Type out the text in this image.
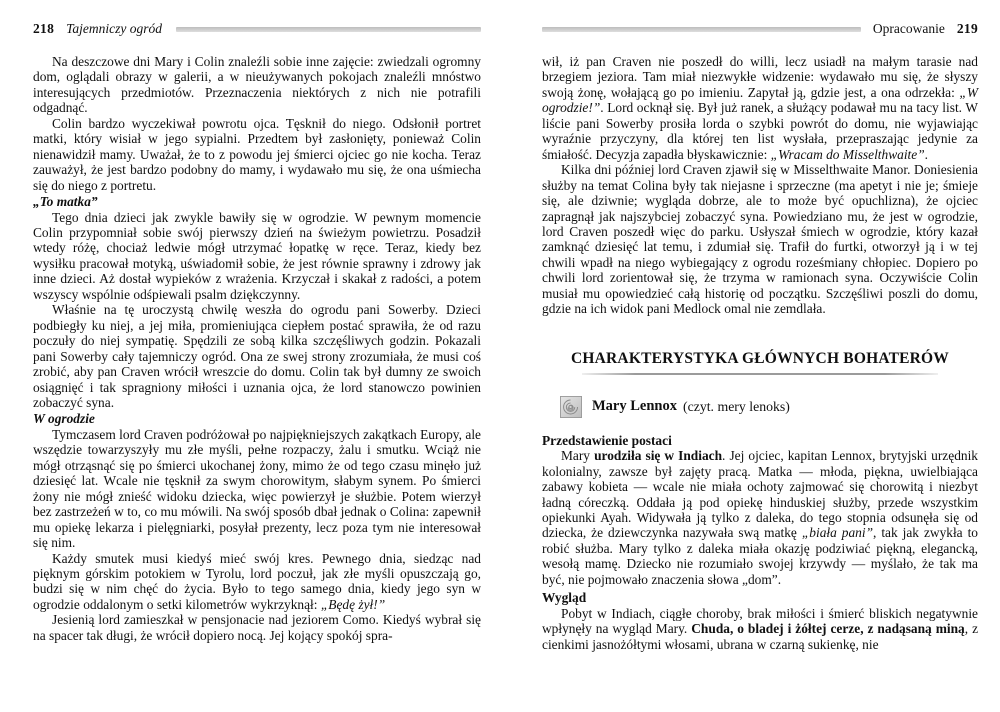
218 Tajemniczy ogród

Na deszczowe dni Mary i Colin znaleźli sobie inne zajęcie: zwiedzali ogromny dom, oglądali obrazy w galerii, a w nieużywanych pokojach znaleźli mnóstwo interesujących przedmiotów. Przeznaczenia niektórych z nich nie potrafili odgadnąć.

Colin bardzo wyczekiwał powrotu ojca. Tęsknił do niego. Odsłonił portret matki, który wisiał w jego sypialni. Przedtem był zasłonięty, ponieważ Colin nienawidził mamy. Uważał, że to z powodu jej śmierci ojciec go nie kocha. Teraz zauważył, że jest bardzo podobny do mamy, i wydawało mu się, że ona uśmiecha się do niego z portretu.

„To matka”

Tego dnia dzieci jak zwykle bawiły się w ogrodzie. W pewnym momencie Colin przypomniał sobie swój pierwszy dzień na świeżym powietrzu. Posadził wtedy różę, chociaż ledwie mógł utrzymać łopatkę w ręce. Teraz, kiedy bez wysiłku pracował motyką, uświadomił sobie, że jest równie sprawny i zdrowy jak inne dzieci. Aż dostał wypieków z wrażenia. Krzyczał i skakał z radości, a potem wszyscy wspólnie odśpiewali psalm dziękczynny.

Właśnie na tę uroczystą chwilę weszła do ogrodu pani Sowerby. Dzieci podbiegły ku niej, a jej miła, promieniująca ciepłem postać sprawiła, że od razu poczuły do niej sympatię. Spędzili ze sobą kilka szczęśliwych godzin. Pokazali pani Sowerby cały tajemniczy ogród. Ona ze swej strony zrozumiała, że musi coś zrobić, aby pan Craven wrócił wreszcie do domu. Colin tak był dumny ze swoich osiągnięć i tak spragniony miłości i uznania ojca, że lord stanowczo powinien zobaczyć syna.

W ogrodzie

Tymczasem lord Craven podróżował po najpiękniejszych zakątkach Europy, ale wszędzie towarzyszyły mu złe myśli, pełne rozpaczy, żalu i smutku. Wciąż nie mógł otrząsnąć się po śmierci ukochanej żony, mimo że od tego czasu minęło już dziesięć lat. Wcale nie tęsknił za swym chorowitym, słabym synem. Po śmierci żony nie mógł znieść widoku dziecka, więc powierzył je służbie. Potem wierzył bez zastrzeżeń w to, co mu mówili. Na swój sposób dbał jednak o Colina: zapewnił mu opiekę lekarza i pielęgniarki, posyłał prezenty, lecz poza tym nie interesował się nim.

Każdy smutek musi kiedyś mieć swój kres. Pewnego dnia, siedząc nad pięknym górskim potokiem w Tyrolu, lord poczuł, jak złe myśli opuszczają go, budzi się w nim chęć do życia. Było to tego samego dnia, kiedy jego syn w ogrodzie oddalonym o setki kilometrów wykrzyknął: „Będę żył!”

Jesienią lord zamieszkał w pensjonacie nad jeziorem Como. Kiedyś wybrał się na spacer tak długi, że wrócił dopiero nocą. Jej kojący spokój spra-

Opracowanie 219

wił, iż pan Craven nie poszedł do willi, lecz usiadł na małym tarasie nad brzegiem jeziora. Tam miał niezwykłe widzenie: wydawało mu się, że słyszy swoją żonę, wołającą go po imieniu. Zapytał ją, gdzie jest, a ona odrzekła: „W ogrodzie!”. Lord ocknął się. Był już ranek, a służący podawał mu na tacy list. W liście pani Sowerby prosiła lorda o szybki powrót do domu, nie wyjawiając wyraźnie przyczyny, dla której ten list wysłała, przepraszając jedynie za śmiałość. Decyzja zapadła błyskawicznie: „Wracam do Misselthwaite”.

Kilka dni później lord Craven zjawił się w Misselthwaite Manor. Doniesienia służby na temat Colina były tak niejasne i sprzeczne (ma apetyt i nie je; śmieje się, ale dziwnie; wygląda dobrze, ale to może być opuchlizna), że ojciec zapragnął jak najszybciej zobaczyć syna. Powiedziano mu, że jest w ogrodzie, lord Craven poszedł więc do parku. Usłyszał śmiech w ogrodzie, który kazał zamknąć dziesięć lat temu, i zdumiał się. Trafił do furtki, otworzył ją i w tej chwili wpadł na niego wybiegający z ogrodu roześmiany chłopiec. Dopiero po chwili lord zorientował się, że trzyma w ramionach syna. Oczywiście Colin musiał mu opowiedzieć całą historię od początku. Szczęśliwi poszli do domu, gdzie na ich widok pani Medlock omal nie zemdlała.

CHARAKTERYSTYKA GŁÓWNYCH BOHATERÓW
Mary Lennox (czyt. mery lenoks)
Przedstawienie postaci

Mary urodziła się w Indiach. Jej ojciec, kapitan Lennox, brytyjski urzędnik kolonialny, zawsze był zajęty pracą. Matka — młoda, piękna, uwielbiająca zabawy kobieta — wcale nie miała ochoty zajmować się chorowitą i niezbyt ładną córeczką. Oddała ją pod opiekę hinduskiej służby, przede wszystkim opiekunki Ayah. Widywała ją tylko z daleka, do tego stopnia odsunęła się od dziecka, że dziewczynka nazywała swą matkę „biała pani”, tak jak zwykła to robić służba. Mary tylko z daleka miała okazję podziwiać piękną, elegancką, wesołą mamę. Dziecko nie rozumiało swojej krzywdy — myślało, że tak ma być, nie pojmowało znaczenia słowa „dom”.

Wygląd

Pobyt w Indiach, ciągłe choroby, brak miłości i śmierć bliskich negatywnie wpłynęły na wygląd Mary. Chuda, o bladej i żółtej cerze, z nadąsaną miną, z cienkimi jasnożółtymi włosami, ubrana w czarną sukienkę, nie
